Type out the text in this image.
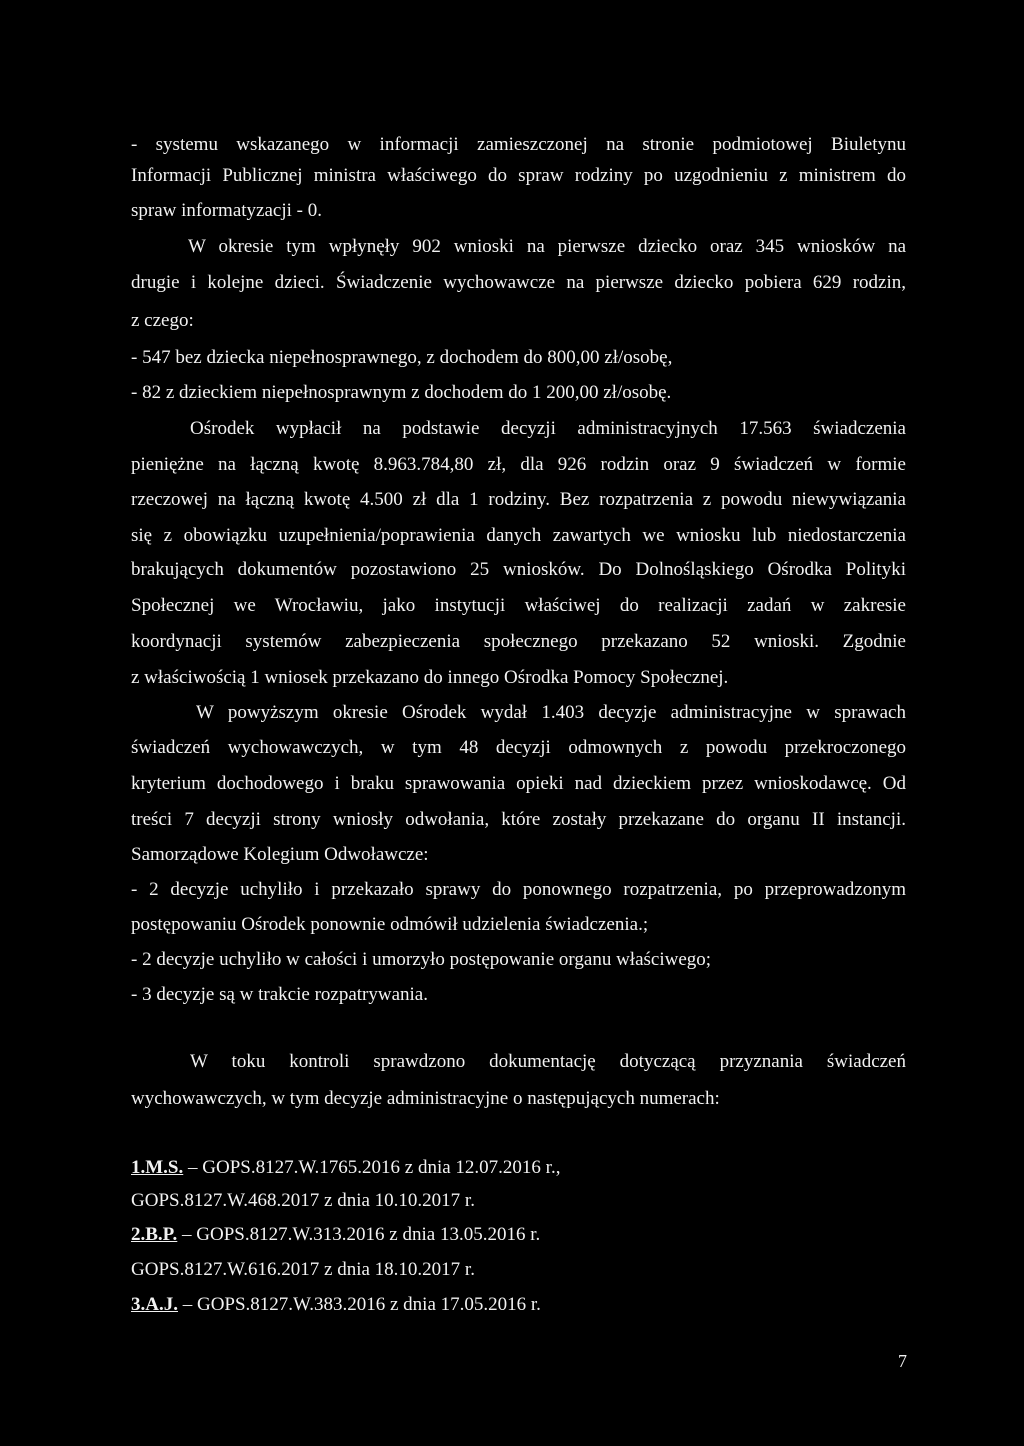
- systemu wskazanego w informacji zamieszczonej na stronie podmiotowej Biuletynu
Informacji Publicznej ministra właściwego do spraw rodziny po uzgodnieniu z ministrem do
spraw informatyzacji - 0.
W okresie tym wpłynęły 902 wnioski na pierwsze dziecko oraz 345 wniosków na
drugie i kolejne dzieci. Świadczenie wychowawcze na pierwsze dziecko pobiera 629 rodzin,
z czego:
- 547 bez dziecka niepełnosprawnego, z dochodem do 800,00 zł/osobę,
- 82 z dzieckiem niepełnosprawnym z dochodem do 1 200,00 zł/osobę.
Ośrodek wypłacił na podstawie decyzji administracyjnych 17.563 świadczenia
pieniężne na łączną kwotę 8.963.784,80 zł, dla 926 rodzin oraz 9 świadczeń w formie
rzeczowej na łączną kwotę 4.500 zł dla 1 rodziny. Bez rozpatrzenia z powodu niewywiązania
się z obowiązku uzupełnienia/poprawienia danych zawartych we wniosku lub niedostarczenia
brakujących dokumentów pozostawiono 25 wniosków. Do Dolnośląskiego Ośrodka Polityki
Społecznej we Wrocławiu, jako instytucji właściwej do realizacji zadań w zakresie
koordynacji systemów zabezpieczenia społecznego przekazano 52 wnioski. Zgodnie
z właściwością 1 wniosek przekazano do innego Ośrodka Pomocy Społecznej.
W powyższym okresie Ośrodek wydał 1.403 decyzje administracyjne w sprawach
świadczeń wychowawczych, w tym 48 decyzji odmownych z powodu przekroczonego
kryterium dochodowego i braku sprawowania opieki nad dzieckiem przez wnioskodawcę. Od
treści 7 decyzji strony wniosły odwołania, które zostały przekazane do organu II instancji.
Samorządowe Kolegium Odwoławcze:
- 2 decyzje uchyliło i przekazało sprawy do ponownego rozpatrzenia, po przeprowadzonym
postępowaniu Ośrodek ponownie odmówił udzielenia świadczenia.;
- 2 decyzje uchyliło w całości i umorzyło postępowanie organu właściwego;
- 3 decyzje są w trakcie rozpatrywania.
W toku kontroli sprawdzono dokumentację dotyczącą przyznania świadczeń
wychowawczych, w tym decyzje administracyjne o następujących numerach:
1.M.S. – GOPS.8127.W.1765.2016 z dnia 12.07.2016 r.,
GOPS.8127.W.468.2017 z dnia 10.10.2017 r.
2.B.P. – GOPS.8127.W.313.2016 z dnia 13.05.2016 r.
GOPS.8127.W.616.2017 z dnia 18.10.2017 r.
3.A.J. – GOPS.8127.W.383.2016 z dnia 17.05.2016 r.
7
